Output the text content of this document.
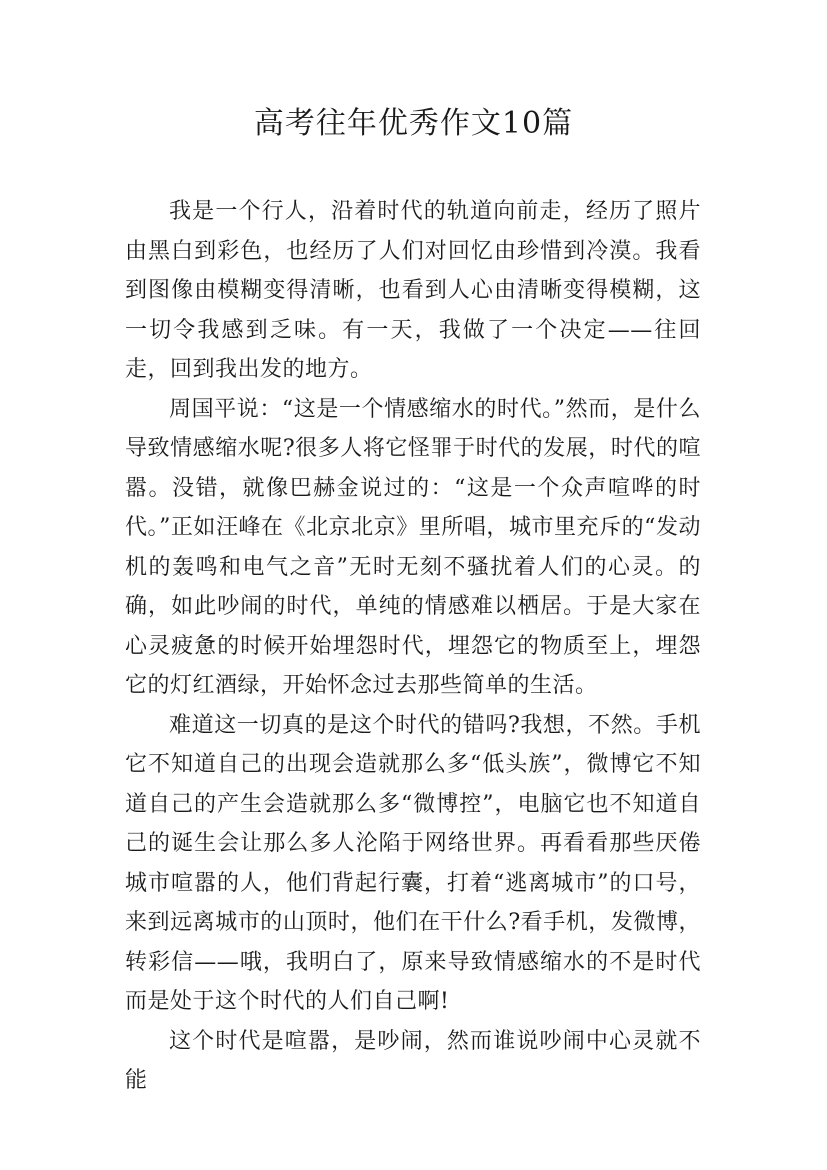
高考往年优秀作文10篇

我是一个行人，沿着时代的轨道向前走，经历了照片由黑白到彩色，也经历了人们对回忆由珍惜到冷漠。我看到图像由模糊变得清晰，也看到人心由清晰变得模糊，这一切令我感到乏味。有一天，我做了一个决定——往回走，回到我出发的地方。

周国平说：“这是一个情感缩水的时代。”然而，是什么导致情感缩水呢?很多人将它怪罪于时代的发展，时代的喧嚣。没错，就像巴赫金说过的：“这是一个众声喧哗的时代。”正如汪峰在《北京北京》里所唱，城市里充斥的“发动机的轰鸣和电气之音”无时无刻不骚扰着人们的心灵。的确，如此吵闹的时代，单纯的情感难以栖居。于是大家在心灵疲惫的时候开始埋怨时代，埋怨它的物质至上，埋怨它的灯红酒绿，开始怀念过去那些简单的生活。

难道这一切真的是这个时代的错吗?我想，不然。手机它不知道自己的出现会造就那么多“低头族”，微博它不知道自己的产生会造就那么多“微博控”，电脑它也不知道自己的诞生会让那么多人沦陷于网络世界。再看看那些厌倦城市喧嚣的人，他们背起行囊，打着“逃离城市”的口号，来到远离城市的山顶时，他们在干什么?看手机，发微博，转彩信——哦，我明白了，原来导致情感缩水的不是时代而是处于这个时代的人们自己啊!

这个时代是喧嚣，是吵闹，然而谁说吵闹中心灵就不能
